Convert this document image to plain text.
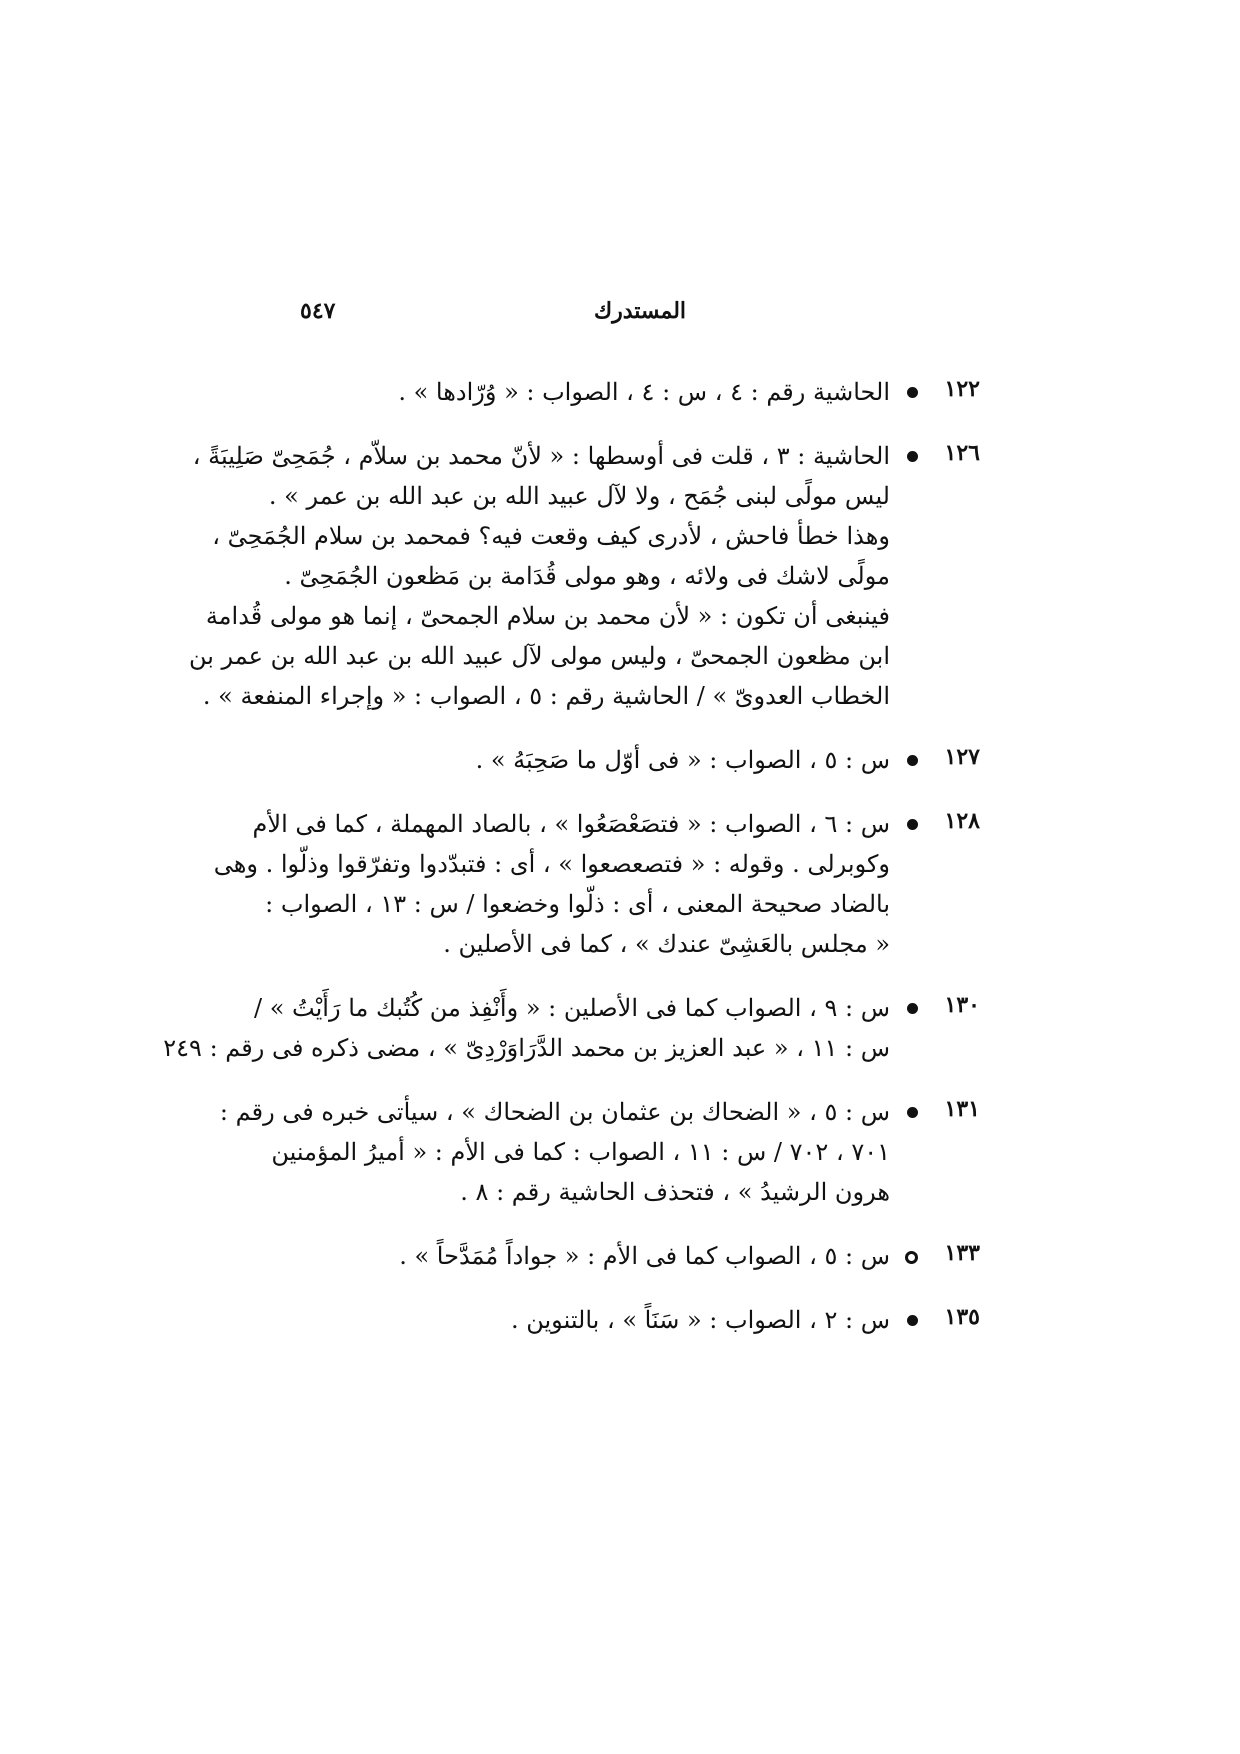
٥٤٧	المستدرك
١٢٢
الحاشية رقم : ٤ ، س : ٤ ، الصواب : « وُرّادها » .
١٢٦
الحاشية : ٣ ، قلت فى أوسطها : « لأنّ محمد بن سلاّم ، جُمَحِىّ صَلِيبَةً ،
ليس مولًى لبنى جُمَح ، ولا لآل عبيد الله بن عبد الله بن عمر » .
وهذا خطأ فاحش ، لأدرى كيف وقعت فيه؟ فمحمد بن سلام الجُمَحِىّ ،
مولًى لاشك فى ولائه ، وهو مولى قُدَامة بن مَظعون الجُمَحِىّ .
فينبغى أن تكون : « لأن محمد بن سلام الجمحىّ ، إنما هو مولى قُدامة
ابن مظعون الجمحىّ ، وليس مولى لآل عبيد الله بن عبد الله بن عمر بن
الخطاب العدوىّ » / الحاشية رقم : ٥ ، الصواب : « وإجراء المنفعة » .
١٢٧
س : ٥ ، الصواب : « فى أوّل ما صَحِبَهُ » .
١٢٨
س : ٦ ، الصواب : « فتصَعْصَعُوا » ، بالصاد المهملة ، كما فى الأم
وكوبرلى . وقوله : « فتصعصعوا » ، أى : فتبدّدوا وتفرّقوا وذلّوا . وهى
بالضاد صحيحة المعنى ، أى : ذلّوا وخضعوا / س : ١٣ ، الصواب :
« مجلس بالعَشِىّ عندك » ، كما فى الأصلين .
١٣٠
س : ٩ ، الصواب كما فى الأصلين : « وأَنْفِذ من كُتُبك ما رَأَيْتُ » /
س : ١١ ، « عبد العزيز بن محمد الدَّرَاوَرْدِىّ » ، مضى ذكره فى رقم : ٢٤٩
١٣١
س : ٥ ، « الضحاك بن عثمان بن الضحاك » ، سيأتى خبره فى رقم :
٧٠١ ، ٧٠٢ / س : ١١ ، الصواب : كما فى الأم : « أميرُ المؤمنين
هرون الرشيدُ » ، فتحذف الحاشية رقم : ٨ .
١٣٣
س : ٥ ، الصواب كما فى الأم : « جواداً مُمَدَّحاً » .
١٣٥
س : ٢ ، الصواب : « سَنَاً » ، بالتنوين .
